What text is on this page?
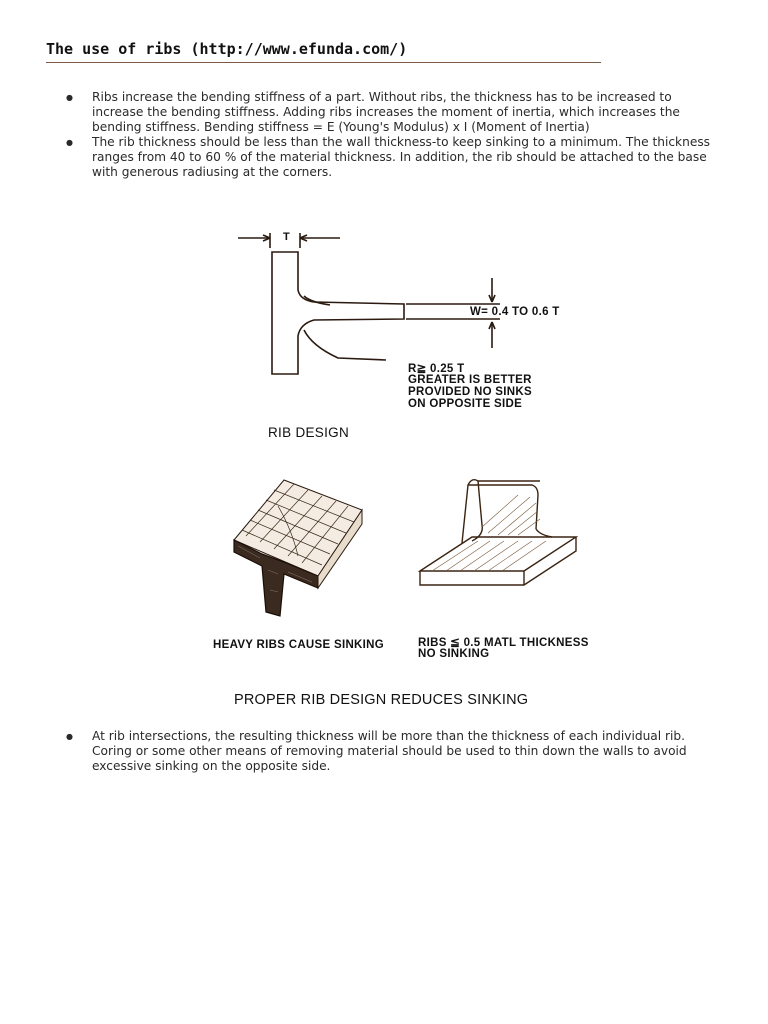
The use of ribs (http://www.efunda.com/)
● Ribs increase the bending stiffness of a part. Without ribs, the thickness has to be increased to increase the bending stiffness. Adding ribs increases the moment of inertia, which increases the bending stiffness. Bending stiffness = E (Young's Modulus) x I (Moment of Inertia)
● The rib thickness should be less than the wall thickness-to keep sinking to a minimum. The thickness ranges from 40 to 60 % of the material thickness. In addition, the rib should be attached to the base with generous radiusing at the corners.
T
W= 0.4 TO 0.6 T
R≧ 0.25 T
GREATER IS BETTER
PROVIDED NO SINKS
ON OPPOSITE SIDE
RIB DESIGN
HEAVY RIBS CAUSE SINKING	RIBS ≦ 0.5 MATL THICKNESS
NO SINKING
PROPER RIB DESIGN REDUCES SINKING
● At rib intersections, the resulting thickness will be more than the thickness of each individual rib. Coring or some other means of removing material should be used to thin down the walls to avoid excessive sinking on the opposite side.
